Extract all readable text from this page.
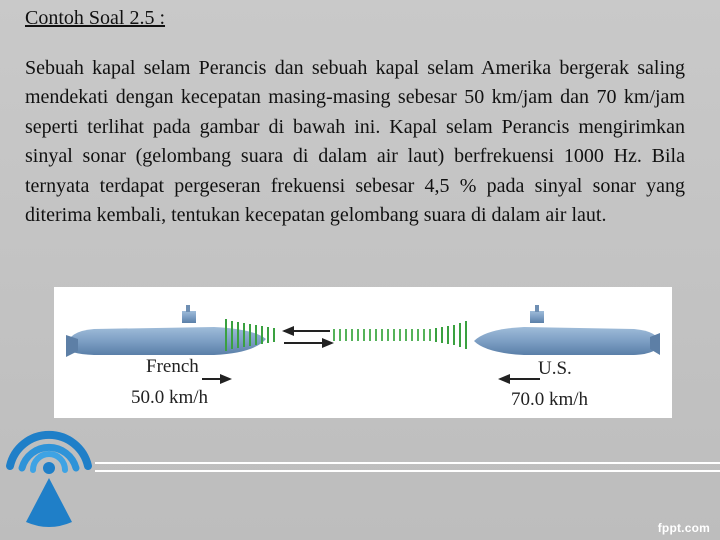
Contoh Soal 2.5 :
Sebuah kapal selam Perancis dan sebuah kapal selam Amerika bergerak saling mendekati dengan kecepatan masing-masing sebesar 50 km/jam dan 70 km/jam seperti terlihat pada gambar di bawah ini. Kapal selam Perancis mengirimkan sinyal sonar (gelombang suara di dalam air laut) berfrekuensi 1000 Hz. Bila ternyata terdapat pergeseran frekuensi sebesar 4,5 % pada sinyal sonar yang diterima kembali, tentukan kecepatan gelombang suara di dalam air laut.
French
50.0 km/h
U.S.
70.0 km/h
fppt.com
